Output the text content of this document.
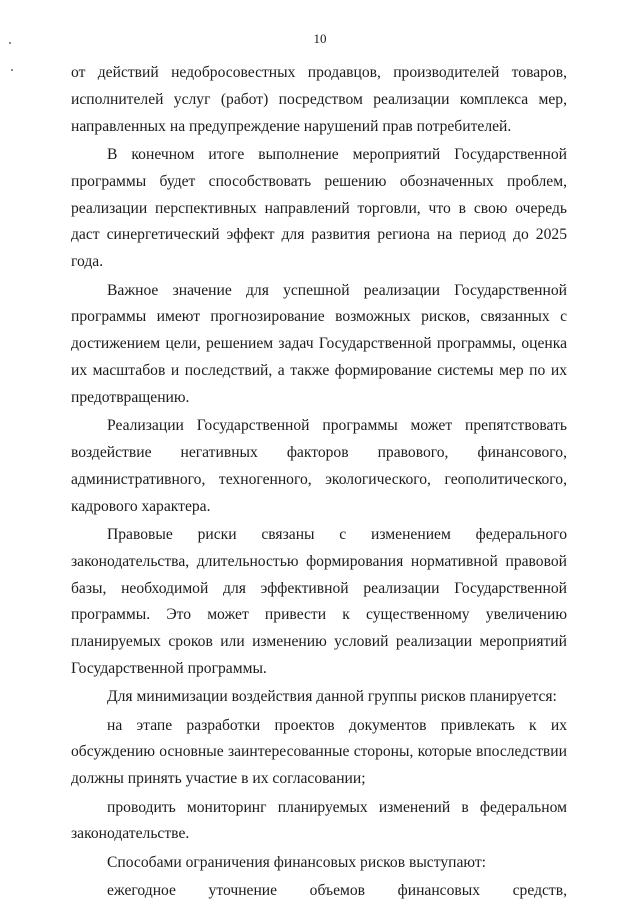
10

от действий недобросовестных продавцов, производителей товаров, исполнителей услуг (работ) посредством реализации комплекса мер, направленных на предупреждение нарушений прав потребителей.

В конечном итоге выполнение мероприятий Государственной программы будет способствовать решению обозначенных проблем, реализации перспективных направлений торговли, что в свою очередь даст синергетический эффект для развития региона на период до 2025 года.

Важное значение для успешной реализации Государственной программы имеют прогнозирование возможных рисков, связанных с достижением цели, решением задач Государственной программы, оценка их масштабов и последствий, а также формирование системы мер по их предотвращению.

Реализации Государственной программы может препятствовать воздействие негативных факторов правового, финансового, административного, техногенного, экологического, геополитического, кадрового характера.

Правовые риски связаны с изменением федерального законодательства, длительностью формирования нормативной правовой базы, необходимой для эффективной реализации Государственной программы. Это может привести к существенному увеличению планируемых сроков или изменению условий реализации мероприятий Государственной программы.

Для минимизации воздействия данной группы рисков планируется:

на этапе разработки проектов документов привлекать к их обсуждению основные заинтересованные стороны, которые впоследствии должны принять участие в их согласовании;

проводить мониторинг планируемых изменений в федеральном законодательстве.

Способами ограничения финансовых рисков выступают:

ежегодное уточнение объемов финансовых средств,
